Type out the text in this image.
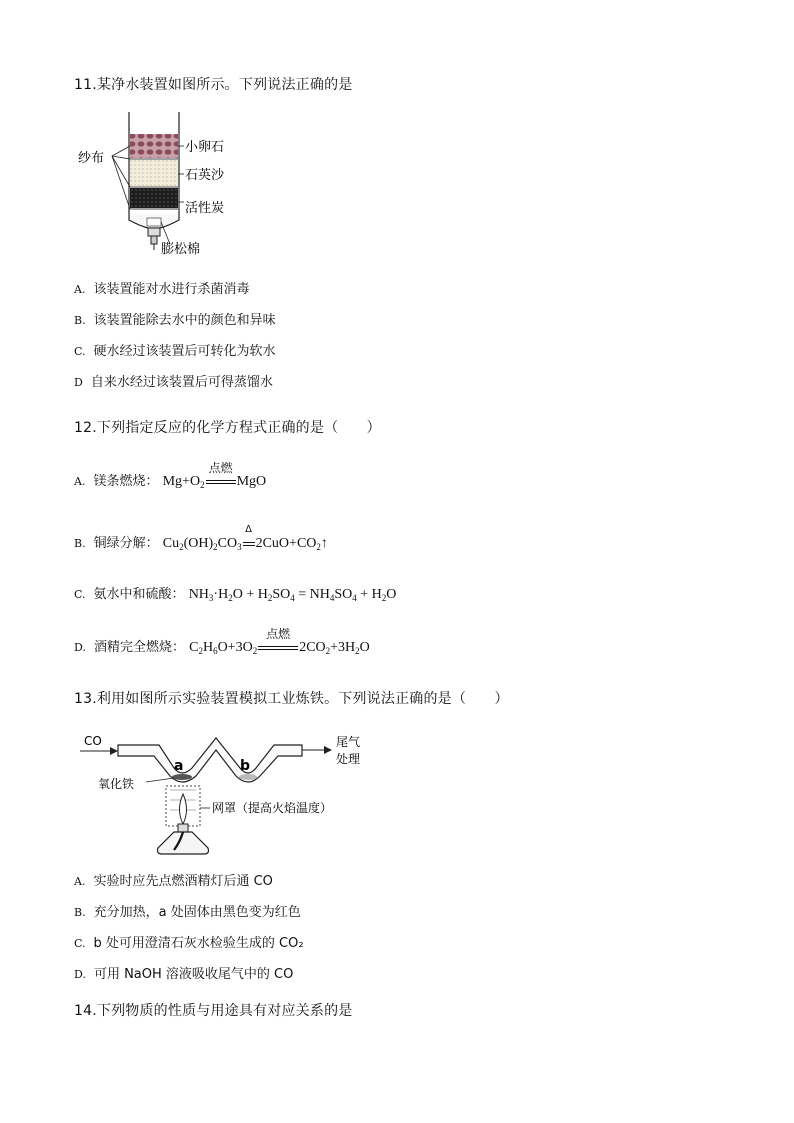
11.某净水装置如图所示。下列说法正确的是
纱布
小卵石
石英沙
活性炭
膨松棉
A. 该装置能对水进行杀菌消毒
B. 该装置能除去水中的颜色和异味
C. 硬水经过该装置后可转化为软水
D 自来水经过该装置后可得蒸馏水
12.下列指定反应的化学方程式正确的是（　　）
A. 镁条燃烧： $Mg+O_2$
点燃
MgO
B. 铜绿分解： $Cu_2(OH)_2CO_3$
Δ
$2CuO+CO_2↑$
C. 氨水中和硫酸： $NH_3\cdot H_2O + H_2SO_4 = NH_4SO_4 + H_2O$
D. 酒精完全燃烧： $C_2H_6O+3O_2$
点燃
$2CO_2+3H_2O$
13.利用如图所示实验装置模拟工业炼铁。下列说法正确的是（　　）
CO
a	b
尾气
处理
氧化铁
网罩（提高火焰温度）
A. 实验时应先点燃酒精灯后通 CO
B. 充分加热，a 处固体由黑色变为红色
C. b 处可用澄清石灰水检验生成的 CO₂
D. 可用 NaOH 溶液吸收尾气中的 CO
14.下列物质的性质与用途具有对应关系的是
